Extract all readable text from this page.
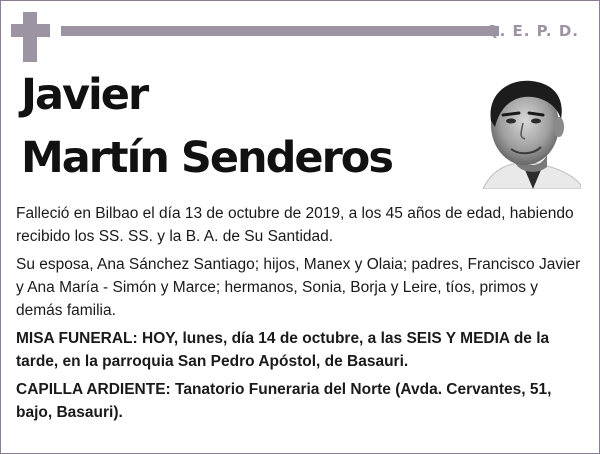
Q. E. P. D.
Javier
Martín Senderos

Falleció en Bilbao el día 13 de octubre de 2019, a los 45 años de edad, habiendo recibido los SS. SS. y la B. A. de Su Santidad.

Su esposa, Ana Sánchez Santiago; hijos, Manex y Olaia; padres, Francisco Javier y Ana María - Simón y Marce; hermanos, Sonia, Borja y Leire, tíos, primos y demás familia.

MISA FUNERAL: HOY, lunes, día 14 de octubre, a las SEIS Y MEDIA de la tarde, en la parroquia San Pedro Apóstol, de Basauri.

CAPILLA ARDIENTE: Tanatorio Funeraria del Norte (Avda. Cervantes, 51, bajo, Basauri).
